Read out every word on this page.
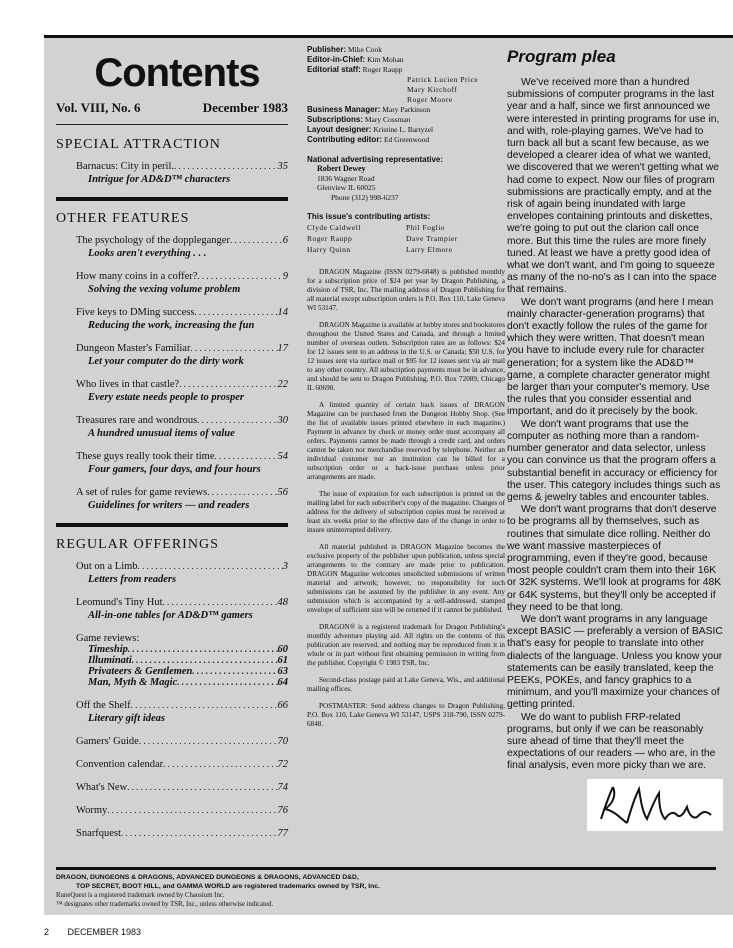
Contents
Vol. VIII, No. 6	December 1983
SPECIAL ATTRACTION
Barnacus: City in peril. . . .	35
Intrigue for AD&D™ characters
OTHER FEATURES
The psychology of the doppleganger . . .	6
Looks aren't everything . . .
How many coins in a coffer? . . .	9
Solving the vexing volume problem
Five keys to DMing success . . .	14
Reducing the work, increasing the fun
Dungeon Master's Familiar . . .	17
Let your computer do the dirty work
Who lives in that castle? . . .	22
Every estate needs people to prosper
Treasures rare and wondrous . . .	30
A hundred unusual items of value
These guys really took their time . . .	54
Four gamers, four days, and four hours
A set of rules for game reviews . . .	56
Guidelines for writers — and readers
REGULAR OFFERINGS
Out on a Limb . . .	3
Letters from readers
Leomund's Tiny Hut . . .	48
All-in-one tables for AD&D™ gamers
Game reviews:
Timeship . . .	60
Illuminati . . .	61
Privateers & Gentlemen . . .	63
Man, Myth & Magic . . .	64
Off the Shelf . . .	66
Literary gift ideas
Gamers' Guide . . .	70
Convention calendar . . .	72
What's New . . .	74
Wormy . . .	76
Snarfquest . . .	77
Publisher: Mike Cook
Editor-in-Chief: Kim Mohan
Editorial staff: Roger Raupp
Patrick Lucien Price
Mary Kirchoff
Roger Moore
Business Manager: Mary Parkinson
Subscriptions: Mary Cossman
Layout designer: Kristine L. Bartyzel
Contributing editor: Ed Greenwood
National advertising representative:
Robert Dewey
1836 Wagner Road
Glenview IL 60025
Phone (312) 998-6237
This issue's contributing artists:
Clyde Caldwell	Phil Foglio
Roger Raupp	Dave Trampier
Harry Quinn	Larry Elmore

DRAGON Magazine (ISSN 0279-6848) is published monthly for a subscription price of $24 per year by Dragon Publishing, a division of TSR, Inc. The mailing address of Dragon Publishing for all material except subscription orders is P.O. Box 110, Lake Geneva WI 53147.

DRAGON Magazine is available at hobby stores and bookstores throughout the United States and Canada, and through a limited number of overseas outlets. Subscription rates are as follows: $24 for 12 issues sent to an address in the U.S. or Canada; $50 U.S. for 12 issues sent via surface mail or $95 for 12 issues sent via air mail to any other country. All subscription payments must be in advance, and should be sent to Dragon Publishing, P.O. Box 72089, Chicago IL 60690.

A limited quantity of certain back issues of DRAGON Magazine can be purchased from the Dungeon Hobby Shop. (See the list of available issues printed elsewhere in each magazine.) Payment in advance by check or money order must accompany all orders. Payments cannot be made through a credit card, and orders cannot be taken nor merchandise reserved by telephone. Neither an individual customer nor an institution can be billed for a subscription order or a back-issue purchase unless prior arrangements are made.

The issue of expiration for each subscription is printed on the mailing label for each subscriber's copy of the magazine. Changes of address for the delivery of subscription copies must be received at least six weeks prior to the effective date of the change in order to insure uninterrupted delivery.

All material published in DRAGON Magazine becomes the exclusive property of the publisher upon publication, unless special arrangements to the contrary are made prior to publication. DRAGON Magazine welcomes unsolicited submissions of written material and artwork; however, no responsibility for such submissions can be assumed by the publisher in any event. Any submission which is accompanied by a self-addressed, stamped envelope of sufficient size will be returned if it cannot be published.

DRAGON® is a registered trademark for Dragon Publishing's monthly adventure playing aid. All rights on the contents of this publication are reserved, and nothing may be reproduced from it in whole or in part without first obtaining permission in writing from the publisher. Copyright © 1983 TSR, Inc.

Second-class postage paid at Lake Geneva, Wis., and additional mailing offices.

POSTMASTER: Send address changes to Dragon Publishing, P.O. Box 110, Lake Geneva WI 53147, USPS 318-790, ISSN 0279-6848.

Program plea

We've received more than a hundred submissions of computer programs in the last year and a half, since we first announced we were interested in printing programs for use in, and with, role-playing games. We've had to turn back all but a scant few because, as we developed a clearer idea of what we wanted, we discovered that we weren't getting what we had come to expect. Now our files of program submissions are practically empty, and at the risk of again being inundated with large envelopes containing printouts and diskettes, we're going to put out the clarion call once more. But this time the rules are more finely tuned. At least we have a pretty good idea of what we don't want, and I'm going to squeeze as many of the no-no's as I can into the space that remains.

We don't want programs (and here I mean mainly character-generation programs) that don't exactly follow the rules of the game for which they were written. That doesn't mean you have to include every rule for character generation; for a system like the AD&D™ game, a complete character generator might be larger than your computer's memory. Use the rules that you consider essential and important, and do it precisely by the book.

We don't want programs that use the computer as nothing more than a random-number generator and data selector, unless you can convince us that the program offers a substantial benefit in accuracy or efficiency for the user. This category includes things such as gems & jewelry tables and encounter tables.

We don't want programs that don't deserve to be programs all by themselves, such as routines that simulate dice rolling. Neither do we want massive masterpieces of programming, even if they're good, because most people couldn't cram them into their 16K or 32K systems. We'll look at programs for 48K or 64K systems, but they'll only be accepted if they need to be that long.

We don't want programs in any language except BASIC — preferably a version of BASIC that's easy for people to translate into other dialects of the language. Unless you know your statements can be easily translated, keep the PEEKs, POKEs, and fancy graphics to a minimum, and you'll maximize your chances of getting printed.

We do want to publish FRP-related programs, but only if we can be reasonably sure ahead of time that they'll meet the expectations of our readers — who are, in the final analysis, even more picky than we are.

DRAGON, DUNGEONS & DRAGONS, ADVANCED DUNGEONS & DRAGONS, ADVANCED D&D,
TOP SECRET, BOOT HILL, and GAMMA WORLD are registered trademarks owned by TSR, Inc.
RuneQuest is a registered trademark owned by Chaosium Inc.
™ designates other trademarks owned by TSR, Inc., unless otherwise indicated.
2 DECEMBER 1983
